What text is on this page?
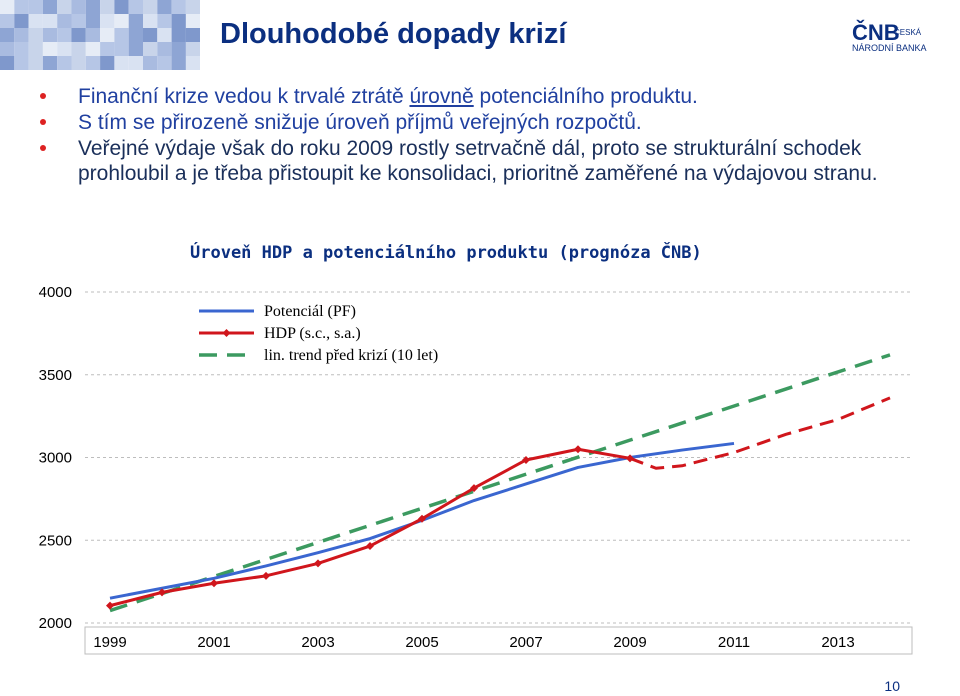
Dlouhodobé dopady krizí	ČNB
ČESKÁ
NÁRODNÍ BANKA
Finanční krize vedou k trvalé ztrátě úrovně potenciálního produktu.
S tím se přirozeně snižuje úroveň příjmů veřejných rozpočtů.
Veřejné výdaje však do roku 2009 rostly setrvačně dál, proto se strukturální schodek prohloubil a je třeba přistoupit ke konsolidaci, prioritně zaměřené na výdajovou stranu.
Úroveň HDP a potenciálního produktu (prognóza ČNB)
4000
3500
3000
2500
2000
1999	2001	2003	2005	2007	2009	2011	2013
Potenciál (PF)
HDP (s.c., s.a.)
lin. trend před krizí (10 let)
10
